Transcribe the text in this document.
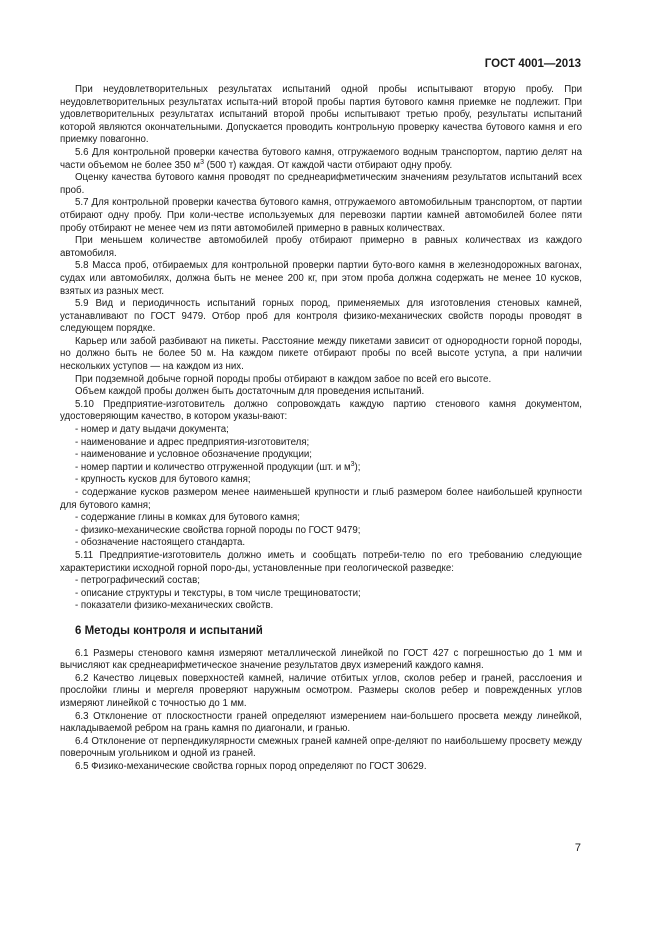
ГОСТ 4001—2013

При неудовлетворительных результатах испытаний одной пробы испытывают вторую пробу. При неудовлетворительных результатах испыта-ний второй пробы партия бутового камня приемке не подлежит. При удовлетворительных результатах испытаний второй пробы испытывают третью пробу, результаты испытаний которой являются окончательными. Допускается проводить контрольную проверку качества бутового камня и его приемку повагонно.

5.6 Для контрольной проверки качества бутового камня, отгружаемого водным транспортом, партию делят на части объемом не более 350 $м^3$ (500 т) каждая. От каждой части отбирают одну пробу.

Оценку качества бутового камня проводят по среднеарифметическим значениям результатов испытаний всех проб.

5.7 Для контрольной проверки качества бутового камня, отгружаемого автомобильным транспортом, от партии отбирают одну пробу. При коли-честве используемых для перевозки партии камней автомобилей более пяти пробу отбирают не менее чем из пяти автомобилей примерно в равных количествах.

При меньшем количестве автомобилей пробу отбирают примерно в равных количествах из каждого автомобиля.

5.8 Масса проб, отбираемых для контрольной проверки партии буто-вого камня в железнодорожных вагонах, судах или автомобилях, должна быть не менее 200 кг, при этом проба должна содержать не менее 10 кусков, взятых из разных мест.

5.9 Вид и периодичность испытаний горных пород, применяемых для изготовления стеновых камней, устанавливают по ГОСТ 9479. Отбор проб для контроля физико-механических свойств породы проводят в следующем порядке.

Карьер или забой разбивают на пикеты. Расстояние между пикетами зависит от однородности горной породы, но должно быть не более 50 м. На каждом пикете отбирают пробы по всей высоте уступа, а при наличии нескольких уступов — на каждом из них.

При подземной добыче горной породы пробы отбирают в каждом забое по всей его высоте.

Объем каждой пробы должен быть достаточным для проведения испытаний.

5.10 Предприятие-изготовитель должно сопровождать каждую партию стенового камня документом, удостоверяющим качество, в котором указы-вают:

- номер и дату выдачи документа;

- наименование и адрес предприятия-изготовителя;

- наименование и условное обозначение продукции;

- номер партии и количество отгруженной продукции (шт. и $м^3$);

- крупность кусков для бутового камня;

- содержание кусков размером менее наименьшей крупности и глыб размером более наибольшей крупности для бутового камня;

- содержание глины в комках для бутового камня;

- физико-механические свойства горной породы по ГОСТ 9479;

- обозначение настоящего стандарта.

5.11 Предприятие-изготовитель должно иметь и сообщать потреби-телю по его требованию следующие характеристики исходной горной поро-ды, установленные при геологической разведке:

- петрографический состав;

- описание структуры и текстуры, в том числе трещиноватости;

- показатели физико-механических свойств.

6 Методы контроля и испытаний

6.1 Размеры стенового камня измеряют металлической линейкой по ГОСТ 427 с погрешностью до 1 мм и вычисляют как среднеарифметическое значение результатов двух измерений каждого камня.

6.2 Качество лицевых поверхностей камней, наличие отбитых углов, сколов ребер и граней, расслоения и прослойки глины и мергеля проверяют наружным осмотром. Размеры сколов ребер и поврежденных углов измеряют линейкой с точностью до 1 мм.

6.3 Отклонение от плоскостности граней определяют измерением наи-большего просвета между линейкой, накладываемой ребром на грань камня по диагонали, и гранью.

6.4 Отклонение от перпендикулярности смежных граней камней опре-деляют по наибольшему просвету между поверочным угольником и одной из граней.

6.5 Физико-механические свойства горных пород определяют по ГОСТ 30629.

7
